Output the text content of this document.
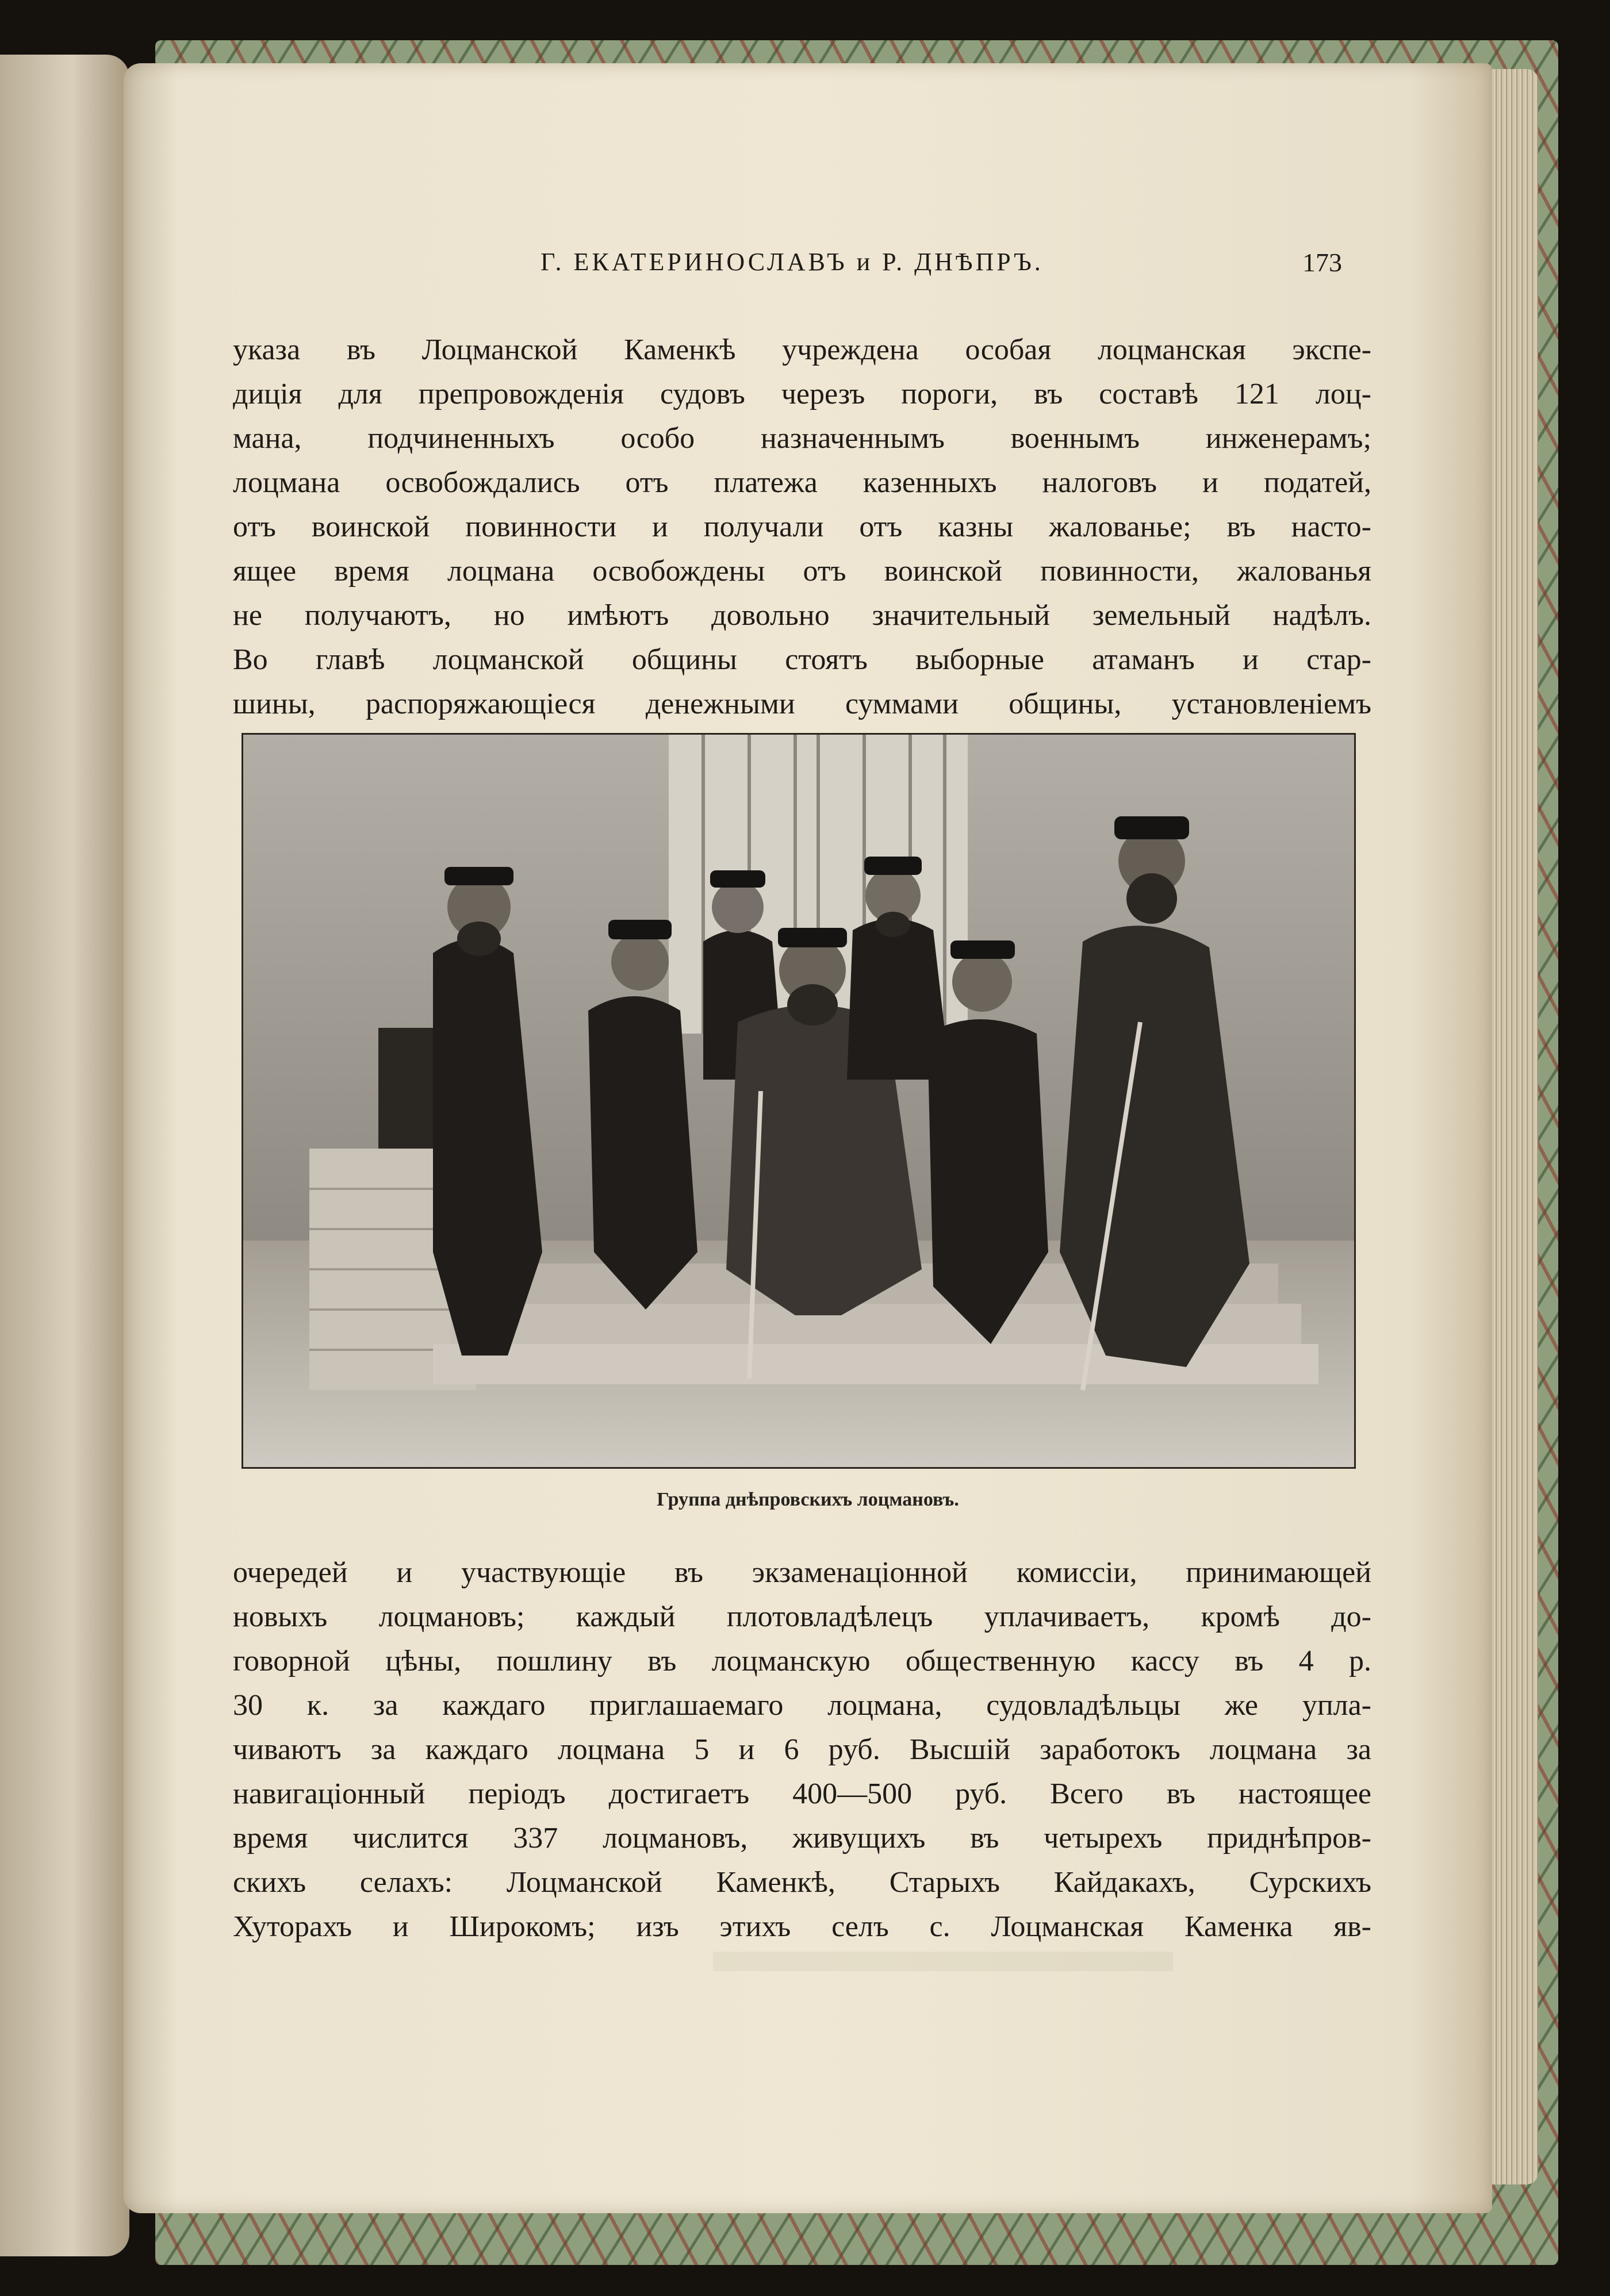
Г. ЕКАТЕРИНОСЛАВЪ и Р. ДНѢПРЪ.	173
указа въ Лоцманской Каменкѣ учреждена особая лоцманская экспе-
диція для препровожденія судовъ черезъ пороги, въ составѣ 121 лоц-
мана, подчиненныхъ особо назначеннымъ военнымъ инженерамъ;
лоцмана освобождались отъ платежа казенныхъ налоговъ и податей,
отъ воинской повинности и получали отъ казны жалованье; въ насто-
ящее время лоцмана освобождены отъ воинской повинности, жалованья
не получаютъ, но имѣютъ довольно значительный земельный надѣлъ.
Во главѣ лоцманской общины стоятъ выборные атаманъ и стар-
шины, распоряжающіеся денежными суммами общины, установленіемъ
Группа днѣпровскихъ лоцмановъ.
очередей и участвующіе въ экзаменаціонной комиссіи, принимающей
новыхъ лоцмановъ; каждый плотовладѣлецъ уплачиваетъ, кромѣ до-
говорной цѣны, пошлину въ лоцманскую общественную кассу въ 4 р.
30 к. за каждаго приглашаемаго лоцмана, судовладѣльцы же упла-
чиваютъ за каждаго лоцмана 5 и 6 руб. Высшій заработокъ лоцмана за
навигаціонный періодъ достигаетъ 400—500 руб. Всего въ настоящее
время числится 337 лоцмановъ, живущихъ въ четырехъ приднѣпров-
скихъ селахъ: Лоцманской Каменкѣ, Старыхъ Кайдакахъ, Сурскихъ
Хуторахъ и Широкомъ; изъ этихъ селъ с. Лоцманская Каменка яв-
